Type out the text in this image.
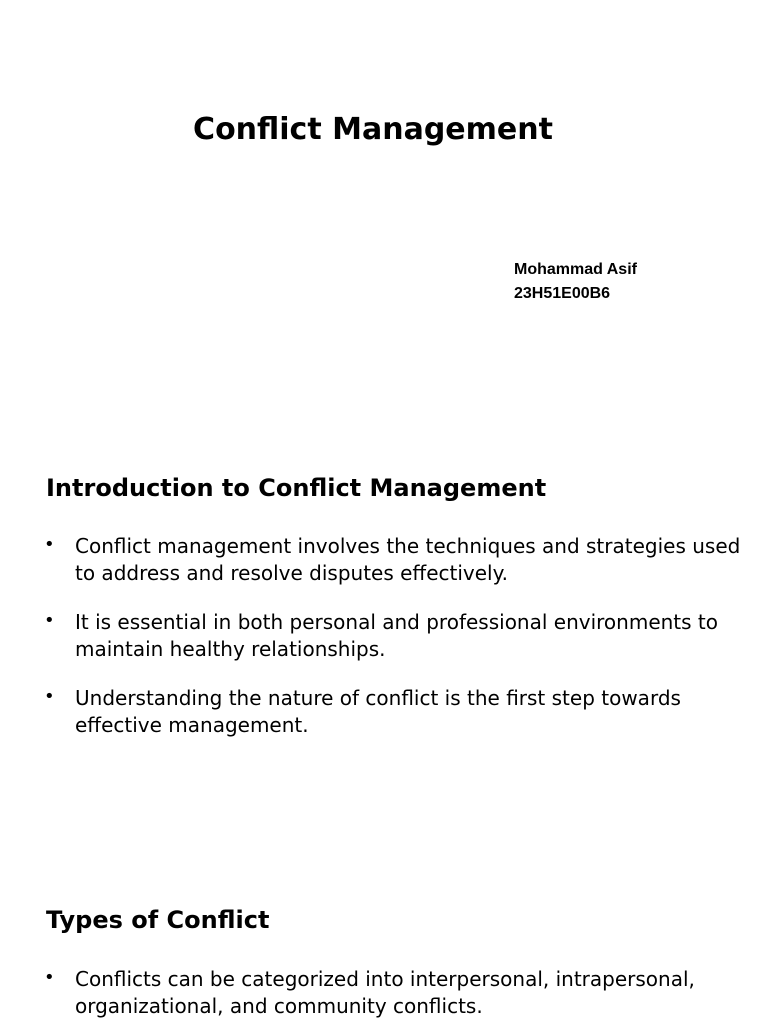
Conflict Management
Mohammad Asif
23H51E00B6
Introduction to Conflict Management
• Conflict management involves the techniques and strategies used to address and resolve disputes effectively.
• It is essential in both personal and professional environments to maintain healthy relationships.
• Understanding the nature of conflict is the first step towards effective management.
Types of Conflict
• Conflicts can be categorized into interpersonal, intrapersonal, organizational, and community conflicts.
